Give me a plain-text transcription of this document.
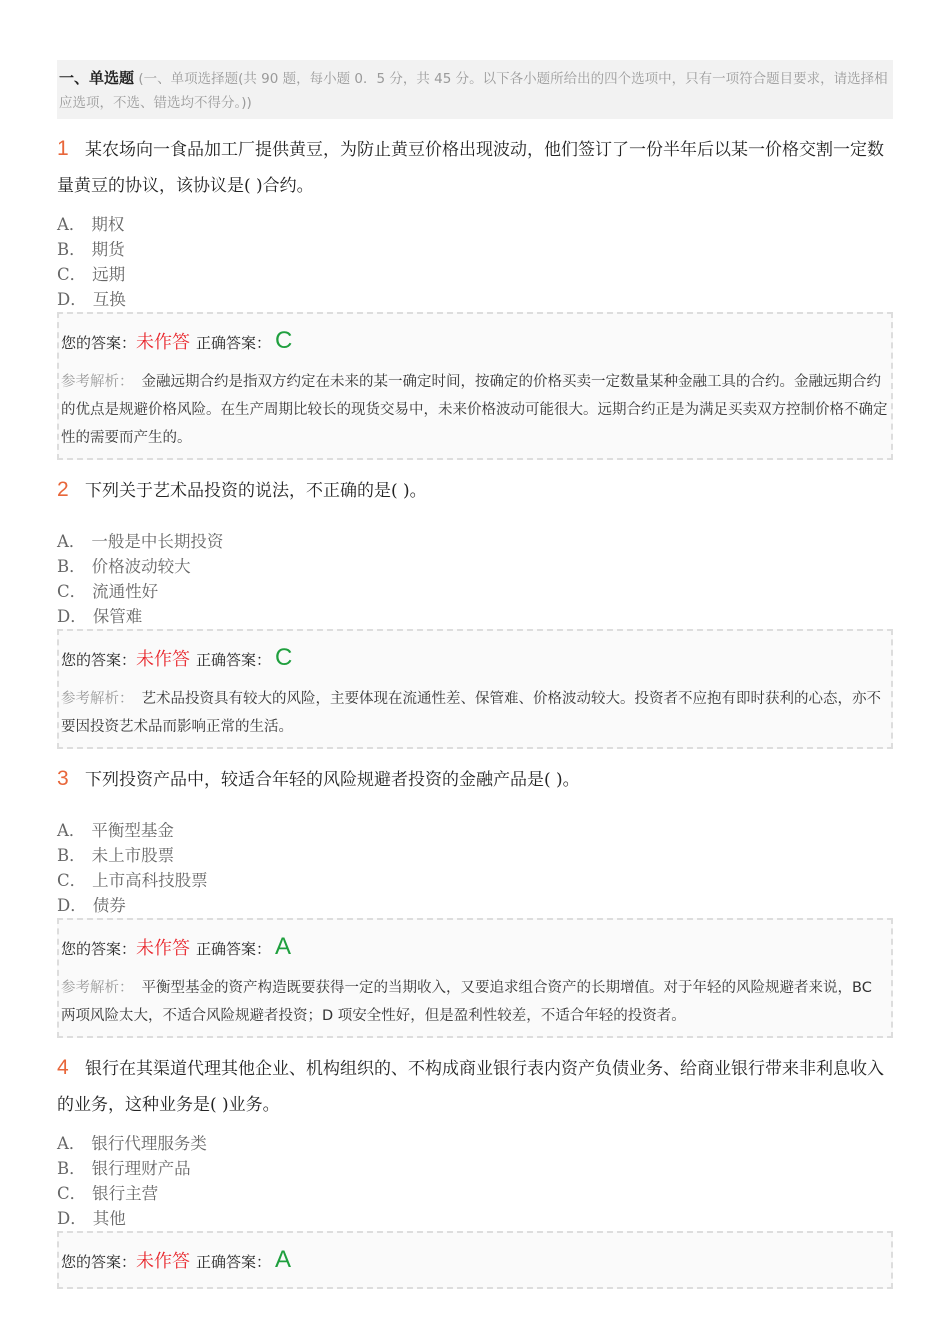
一、单选题 (一、单项选择题(共 90 题，每小题 0．5 分，共 45 分。以下各小题所给出的四个选项中，只有一项符合题目要求，请选择相应选项，不选、错选均不得分。))
1 某农场向一食品加工厂提供黄豆，为防止黄豆价格出现波动，他们签订了一份半年后以某一价格交割一定数量黄豆的协议，该协议是( )合约。
A． 期权
B． 期货
C． 远期
D． 互换
您的答案：未作答 正确答案： C
参考解析： 金融远期合约是指双方约定在未来的某一确定时间，按确定的价格买卖一定数量某种金融工具的合约。金融远期合约的优点是规避价格风险。在生产周期比较长的现货交易中，未来价格波动可能很大。远期合约正是为满足买卖双方控制价格不确定性的需要而产生的。
2 下列关于艺术品投资的说法，不正确的是( )。
A． 一般是中长期投资
B． 价格波动较大
C． 流通性好
D． 保管难
您的答案：未作答 正确答案： C
参考解析： 艺术品投资具有较大的风险，主要体现在流通性差、保管难、价格波动较大。投资者不应抱有即时获利的心态，亦不要因投资艺术品而影响正常的生活。
3 下列投资产品中，较适合年轻的风险规避者投资的金融产品是( )。
A． 平衡型基金
B． 未上市股票
C． 上市高科技股票
D． 债券
您的答案：未作答 正确答案： A
参考解析： 平衡型基金的资产构造既要获得一定的当期收入，又要追求组合资产的长期增值。对于年轻的风险规避者来说，BC 两项风险太大，不适合风险规避者投资；D 项安全性好，但是盈利性较差，不适合年轻的投资者。
4 银行在其渠道代理其他企业、机构组织的、不构成商业银行表内资产负债业务、给商业银行带来非利息收入的业务，这种业务是( )业务。
A． 银行代理服务类
B． 银行理财产品
C． 银行主营
D． 其他
您的答案：未作答 正确答案： A
